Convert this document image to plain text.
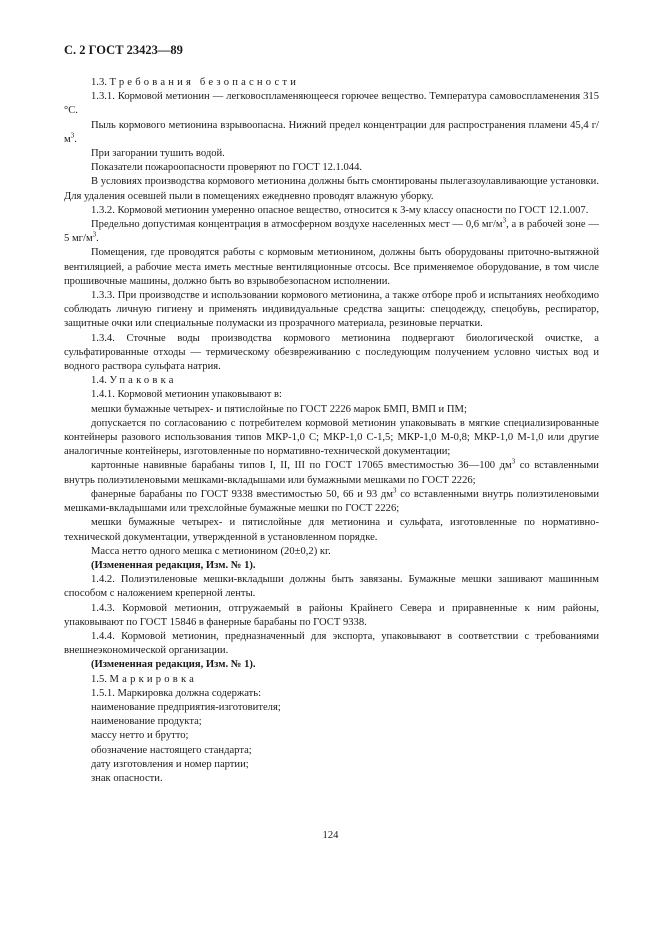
С. 2 ГОСТ 23423—89

1.3. Требования безопасности

1.3.1. Кормовой метионин — легковоспламеняющееся горючее вещество. Температура самовоспламенения 315 °С.

Пыль кормового метионина взрывоопасна. Нижний предел концентрации для распространения пламени 45,4 $г/м^3$.

При загорании тушить водой.

Показатели пожароопасности проверяют по ГОСТ 12.1.044.

В условиях производства кормового метионина должны быть смонтированы пылегазоулавливающие установки. Для удаления осевшей пыли в помещениях ежедневно проводят влажную уборку.

1.3.2. Кормовой метионин умеренно опасное вещество, относится к 3-му классу опасности по ГОСТ 12.1.007.

Предельно допустимая концентрация в атмосферном воздухе населенных мест — 0,6 $мг/м^3$, а в рабочей зоне — 5 $мг/м^3$.

Помещения, где проводятся работы с кормовым метионином, должны быть оборудованы приточно-вытяжной вентиляцией, а рабочие места иметь местные вентиляционные отсосы. Все применяемое оборудование, в том числе прошивочные машины, должно быть во взрывобезопасном исполнении.

1.3.3. При производстве и использовании кормового метионина, а также отборе проб и испытаниях необходимо соблюдать личную гигиену и применять индивидуальные средства защиты: спецодежду, спецобувь, респиратор, защитные очки или специальные полумаски из прозрачного материала, резиновые перчатки.

1.3.4. Сточные воды производства кормового метионина подвергают биологической очистке, а сульфатированные отходы — термическому обезвреживанию с последующим получением условно чистых вод и водного раствора сульфата натрия.

1.4. Упаковка

1.4.1. Кормовой метионин упаковывают в:

мешки бумажные четырех- и пятислойные по ГОСТ 2226 марок БМП, ВМП и ПМ;

допускается по согласованию с потребителем кормовой метионин упаковывать в мягкие специализированные контейнеры разового использования типов МКР-1,0 С; МКР-1,0 С-1,5; МКР-1,0 М-0,8; МКР-1,0 М-1,0 или другие аналогичные контейнеры, изготовленные по нормативно-технической документации;

картонные навивные барабаны типов I, II, III по ГОСТ 17065 вместимостью 36—100 $дм^3$ со вставленными внутрь полиэтиленовыми мешками-вкладышами или бумажными мешками по ГОСТ 2226;

фанерные барабаны по ГОСТ 9338 вместимостью 50, 66 и 93 $дм^3$ со вставленными внутрь полиэтиленовыми мешками-вкладышами или трехслойные бумажные мешки по ГОСТ 2226;

мешки бумажные четырех- и пятислойные для метионина и сульфата, изготовленные по нормативно-технической документации, утвержденной в установленном порядке.

Масса нетто одного мешка с метионином (20±0,2) кг.

(Измененная редакция, Изм. № 1).

1.4.2. Полиэтиленовые мешки-вкладыши должны быть завязаны. Бумажные мешки зашивают машинным способом с наложением креперной ленты.

1.4.3. Кормовой метионин, отгружаемый в районы Крайнего Севера и приравненные к ним районы, упаковывают по ГОСТ 15846 в фанерные барабаны по ГОСТ 9338.

1.4.4. Кормовой метионин, предназначенный для экспорта, упаковывают в соответствии с требованиями внешнеэкономической организации.

(Измененная редакция, Изм. № 1).

1.5. Маркировка

1.5.1. Маркировка должна содержать:

наименование предприятия-изготовителя;

наименование продукта;

массу нетто и брутто;

обозначение настоящего стандарта;

дату изготовления и номер партии;

знак опасности.

124
